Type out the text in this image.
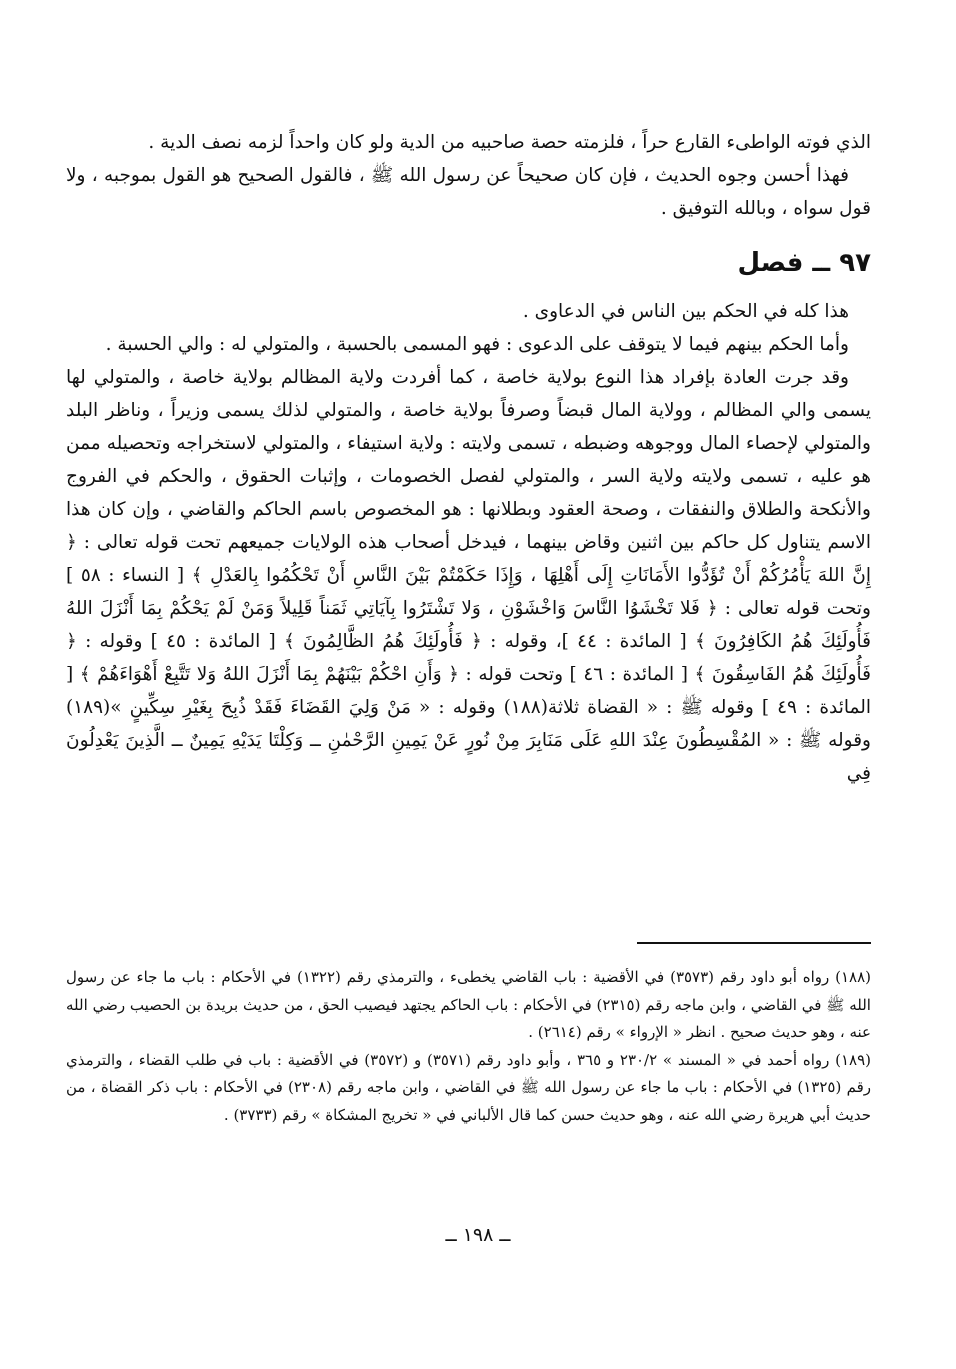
الذي فوته الواطىء القارع حراً ، فلزمته حصة صاحبيه من الدية ولو كان واحداً لزمه نصف الدية .

فهذا أحسن وجوه الحديث ، فإن كان صحيحاً عن رسول الله ﷺ ، فالقول الصحيح هو القول بموجبه ، ولا قول سواه ، وبالله التوفيق .

٩٧ ــ فصل

هذا كله في الحكم بين الناس في الدعاوى .

وأما الحكم بينهم فيما لا يتوقف على الدعوى : فهو المسمى بالحسبة ، والمتولي له : والي الحسبة .

وقد جرت العادة بإفراد هذا النوع بولاية خاصة ، كما أفردت ولاية المظالم بولاية خاصة ، والمتولي لها يسمى والي المظالم ، وولاية المال قبضاً وصرفاً بولاية خاصة ، والمتولي لذلك يسمى وزيراً ، وناظر البلد والمتولي لإحصاء المال ووجوهه وضبطه ، تسمى ولايته : ولاية استيفاء ، والمتولي لاستخراجه وتحصيله ممن هو عليه ، تسمى ولايته ولاية السر ، والمتولي لفصل الخصومات ، وإثبات الحقوق ، والحكم في الفروج والأنكحة والطلاق والنفقات ، وصحة العقود وبطلانها : هو المخصوص باسم الحاكم والقاضي ، وإن كان هذا الاسم يتناول كل حاكم بين اثنين وقاض بينهما ، فيدخل أصحاب هذه الولايات جميعهم تحت قوله تعالى : ﴿ إِنَّ اللهَ يَأْمُرُكُمْ أَنْ تُؤَدُّوا الأَمَانَاتِ إِلَى أَهْلِهَا ، وَإِذَا حَكَمْتُمْ بَيْنَ النَّاسِ أَنْ تَحْكُمُوا بِالعَدْلِ ﴾ [ النساء : ٥٨ ] وتحت قوله تعالى : ﴿ فَلا تَخْشَوُا النَّاسَ وَاخْشَوْنِ ، وَلا تَشْتَرُوا بِآيَاتِي ثَمَناً قَلِيلاً وَمَنْ لَمْ يَحْكُمْ بِمَا أَنْزَلَ اللهُ فَأُولَئِكَ هُمُ الكَافِرُونَ ﴾ [ المائدة : ٤٤ ]، وقوله : ﴿ فَأُولَئِكَ هُمُ الظَّالِمُونَ ﴾ [ المائدة : ٤٥ ] وقوله : ﴿ فَأُولَئِكَ هُمُ الفَاسِقُونَ ﴾ [ المائدة : ٤٦ ] وتحت قوله : ﴿ وَأَنِ احْكُمْ بَيْنَهُمْ بِمَا أَنْزَلَ اللهُ وَلا تَتَّبِعْ أَهْوَاءَهُمْ ﴾ [ المائدة : ٤٩ ] وقوله ﷺ : « القضاة ثلاثة(١٨٨) وقوله : « مَنْ وَلِيَ القَضَاءَ فَقَدْ ذُبِحَ بِغَيْرِ سِكِّينٍ »(١٨٩) وقوله ﷺ : « المُقْسِطُونَ عِنْدَ اللهِ عَلَى مَنَابِرَ مِنْ نُورٍ عَنْ يَمِينِ الرَّحْمٰنِ ــ وَكِلْتَا يَدَيْهِ يَمِينٌ ــ الَّذِينَ يَعْدِلُونَ فِي

(١٨٨) رواه أبو داود رقم (٣٥٧٣) في الأقضية : باب القاضي يخطىء ، والترمذي رقم (١٣٢٢) في الأحكام : باب ما جاء عن رسول الله ﷺ في القاضي ، وابن ماجه رقم (٢٣١٥) في الأحكام : باب الحاكم يجتهد فيصيب الحق ، من حديث بريدة بن الحصيب رضي الله عنه ، وهو حديث صحيح . انظر « الإرواء » رقم (٢٦١٤) .

(١٨٩) رواه أحمد في « المسند » ٢٣٠/٢ و ٣٦٥ ، وأبو داود رقم (٣٥٧١) و (٣٥٧٢) في الأقضية : باب في طلب القضاء ، والترمذي رقم (١٣٢٥) في الأحكام : باب ما جاء عن رسول الله ﷺ في القاضي ، وابن ماجه رقم (٢٣٠٨) في الأحكام : باب ذكر القضاة ، من حديث أبي هريرة رضي الله عنه ، وهو حديث حسن كما قال الألباني في « تخريج المشكاة » رقم (٣٧٣٣) .

ــ ١٩٨ ــ
